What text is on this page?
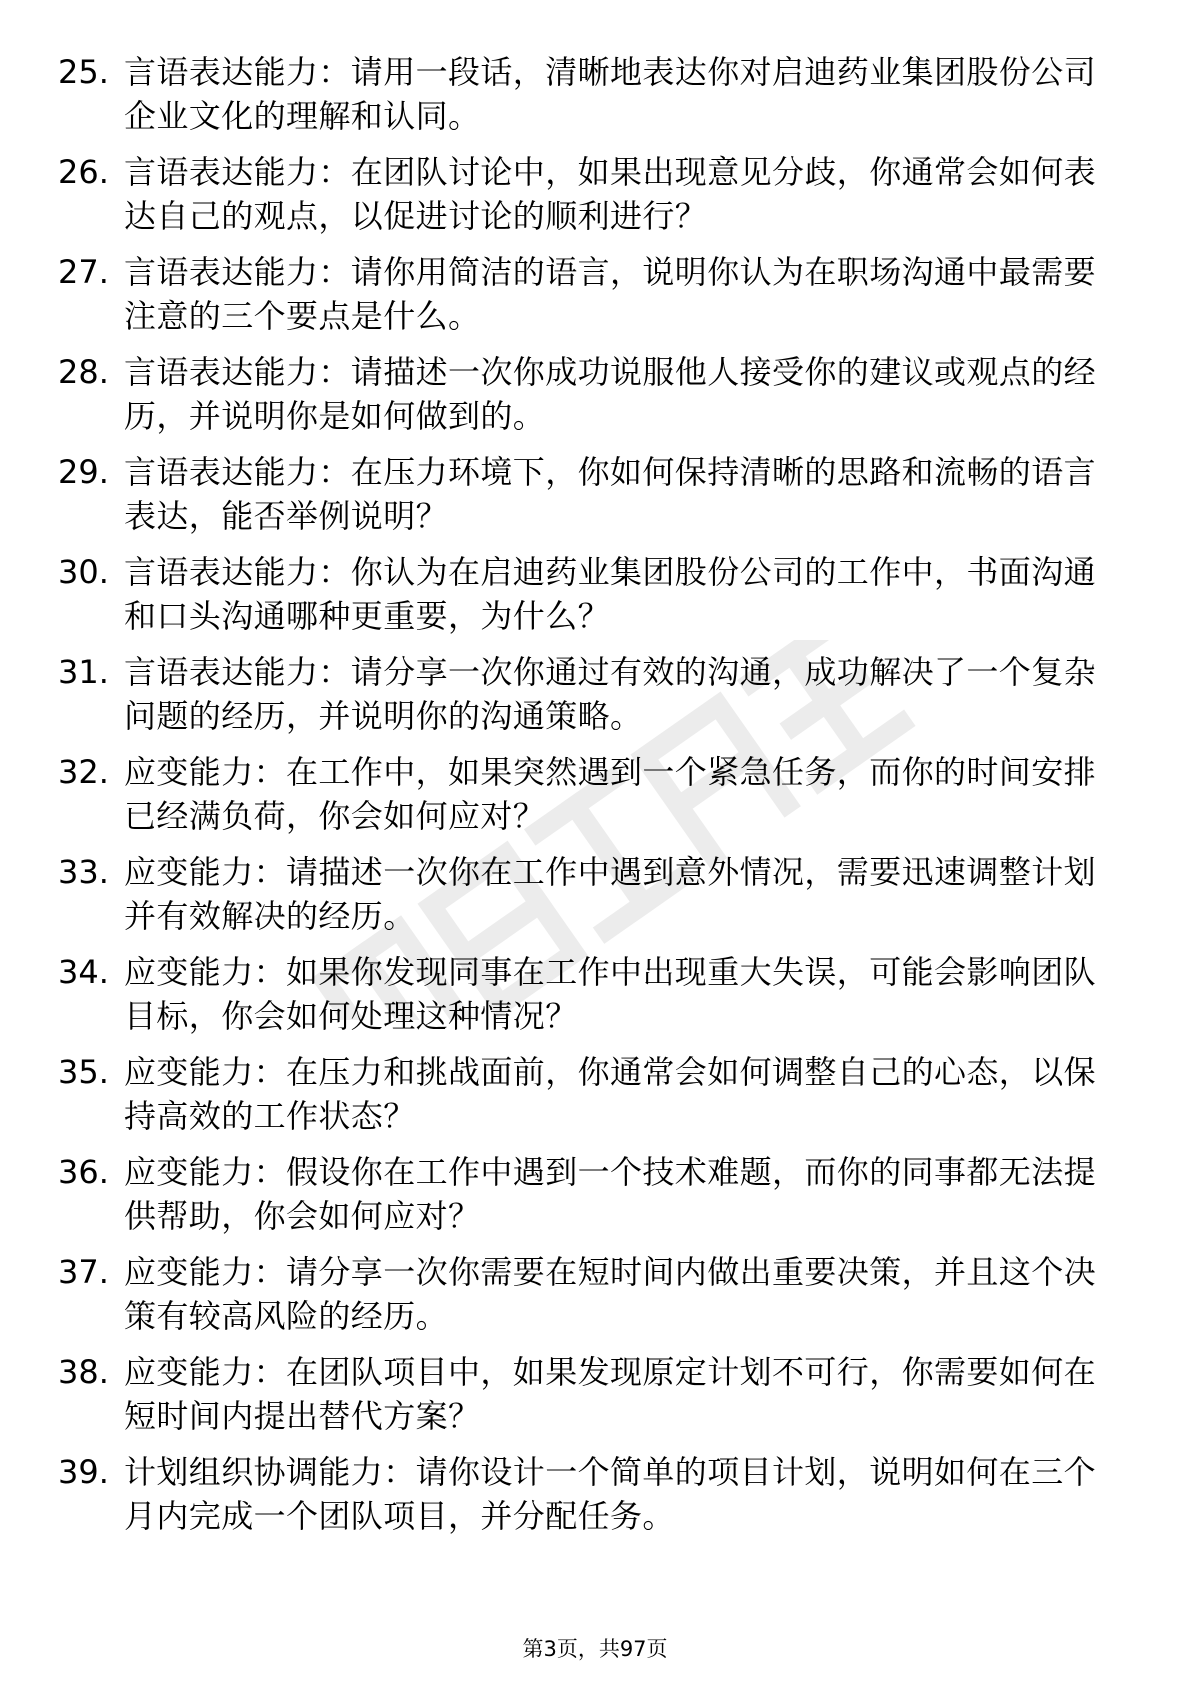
25. 言语表达能力：请用一段话，清晰地表达你对启迪药业集团股份公司企业文化的理解和认同。
26. 言语表达能力：在团队讨论中，如果出现意见分歧，你通常会如何表达自己的观点，以促进讨论的顺利进行？
27. 言语表达能力：请你用简洁的语言，说明你认为在职场沟通中最需要注意的三个要点是什么。
28. 言语表达能力：请描述一次你成功说服他人接受你的建议或观点的经历，并说明你是如何做到的。
29. 言语表达能力：在压力环境下，你如何保持清晰的思路和流畅的语言表达，能否举例说明？
30. 言语表达能力：你认为在启迪药业集团股份公司的工作中，书面沟通和口头沟通哪种更重要，为什么？
31. 言语表达能力：请分享一次你通过有效的沟通，成功解决了一个复杂问题的经历，并说明你的沟通策略。
32. 应变能力：在工作中，如果突然遇到一个紧急任务，而你的时间安排已经满负荷，你会如何应对？
33. 应变能力：请描述一次你在工作中遇到意外情况，需要迅速调整计划并有效解决的经历。
34. 应变能力：如果你发现同事在工作中出现重大失误，可能会影响团队目标，你会如何处理这种情况？
35. 应变能力：在压力和挑战面前，你通常会如何调整自己的心态，以保持高效的工作状态？
36. 应变能力：假设你在工作中遇到一个技术难题，而你的同事都无法提供帮助，你会如何应对？
37. 应变能力：请分享一次你需要在短时间内做出重要决策，并且这个决策有较高风险的经历。
38. 应变能力：在团队项目中，如果发现原定计划不可行，你需要如何在短时间内提出替代方案？
39. 计划组织协调能力：请你设计一个简单的项目计划，说明如何在三个月内完成一个团队项目，并分配任务。
第3页，共97页
